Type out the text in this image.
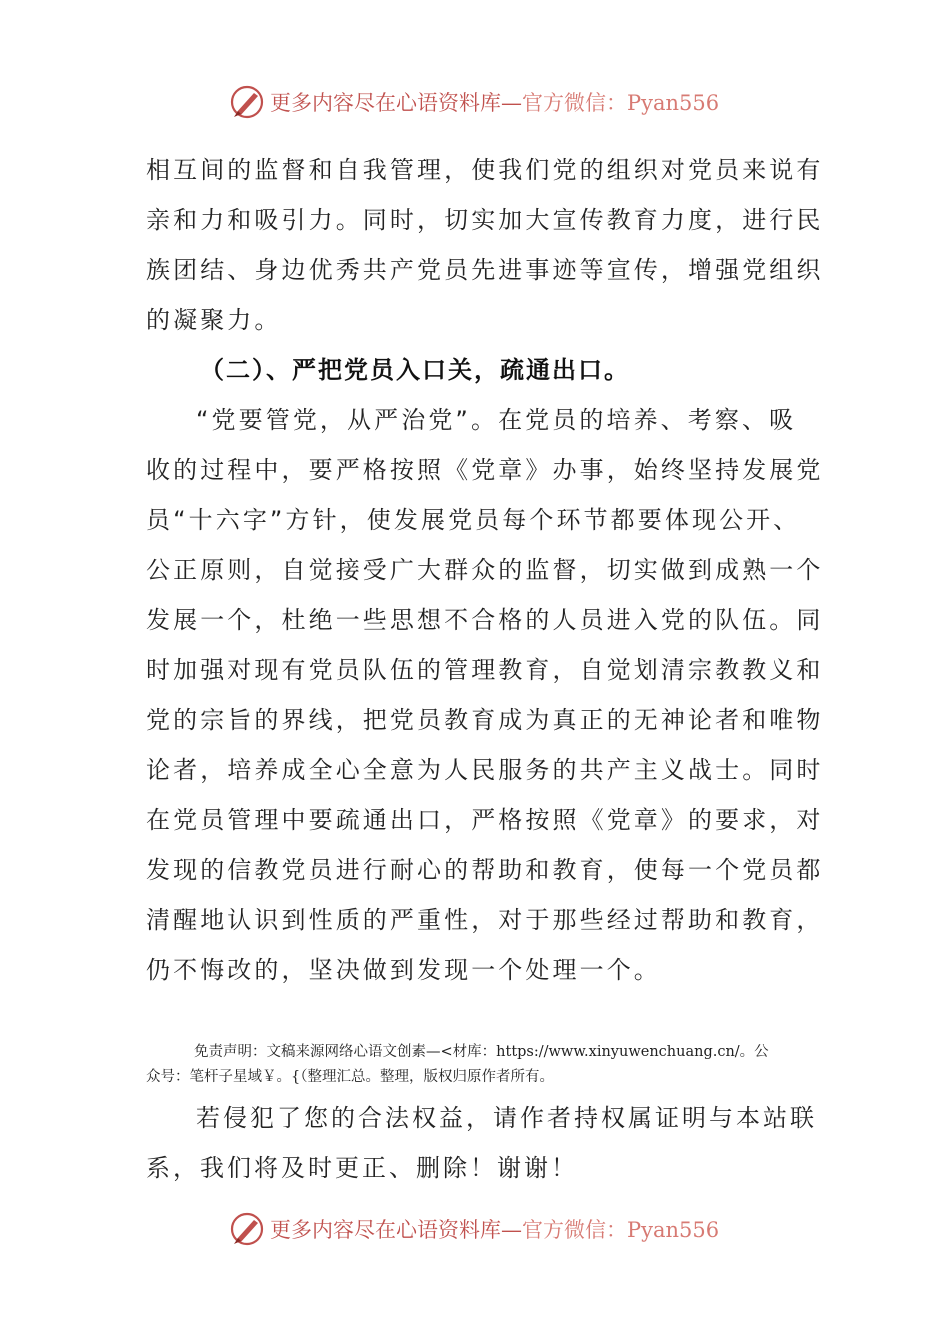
更多内容尽在心语资料库—官方微信：Pyan556
相互间的监督和自我管理，使我们党的组织对党员来说有
亲和力和吸引力。同时，切实加大宣传教育力度，进行民
族团结、身边优秀共产党员先进事迹等宣传，增强党组织
的凝聚力。
（二）、严把党员入口关，疏通出口。
“党要管党，从严治党”。在党员的培养、考察、吸
收的过程中，要严格按照《党章》办事，始终坚持发展党
员“十六字”方针，使发展党员每个环节都要体现公开、
公正原则，自觉接受广大群众的监督，切实做到成熟一个
发展一个，杜绝一些思想不合格的人员进入党的队伍。同
时加强对现有党员队伍的管理教育，自觉划清宗教教义和
党的宗旨的界线，把党员教育成为真正的无神论者和唯物
论者，培养成全心全意为人民服务的共产主义战士。同时
在党员管理中要疏通出口，严格按照《党章》的要求，对
发现的信教党员进行耐心的帮助和教育，使每一个党员都
清醒地认识到性质的严重性，对于那些经过帮助和教育，
仍不悔改的，坚决做到发现一个处理一个。
免责声明：文稿来源网络心语文创素—<材库：https://www.xinyuwenchuang.cn/。公
众号：笔杆子星域￥。{（整理汇总。整理，版权归原作者所有。
若侵犯了您的合法权益，请作者持权属证明与本站联
系，我们将及时更正、删除！谢谢！
更多内容尽在心语资料库—官方微信：Pyan556
